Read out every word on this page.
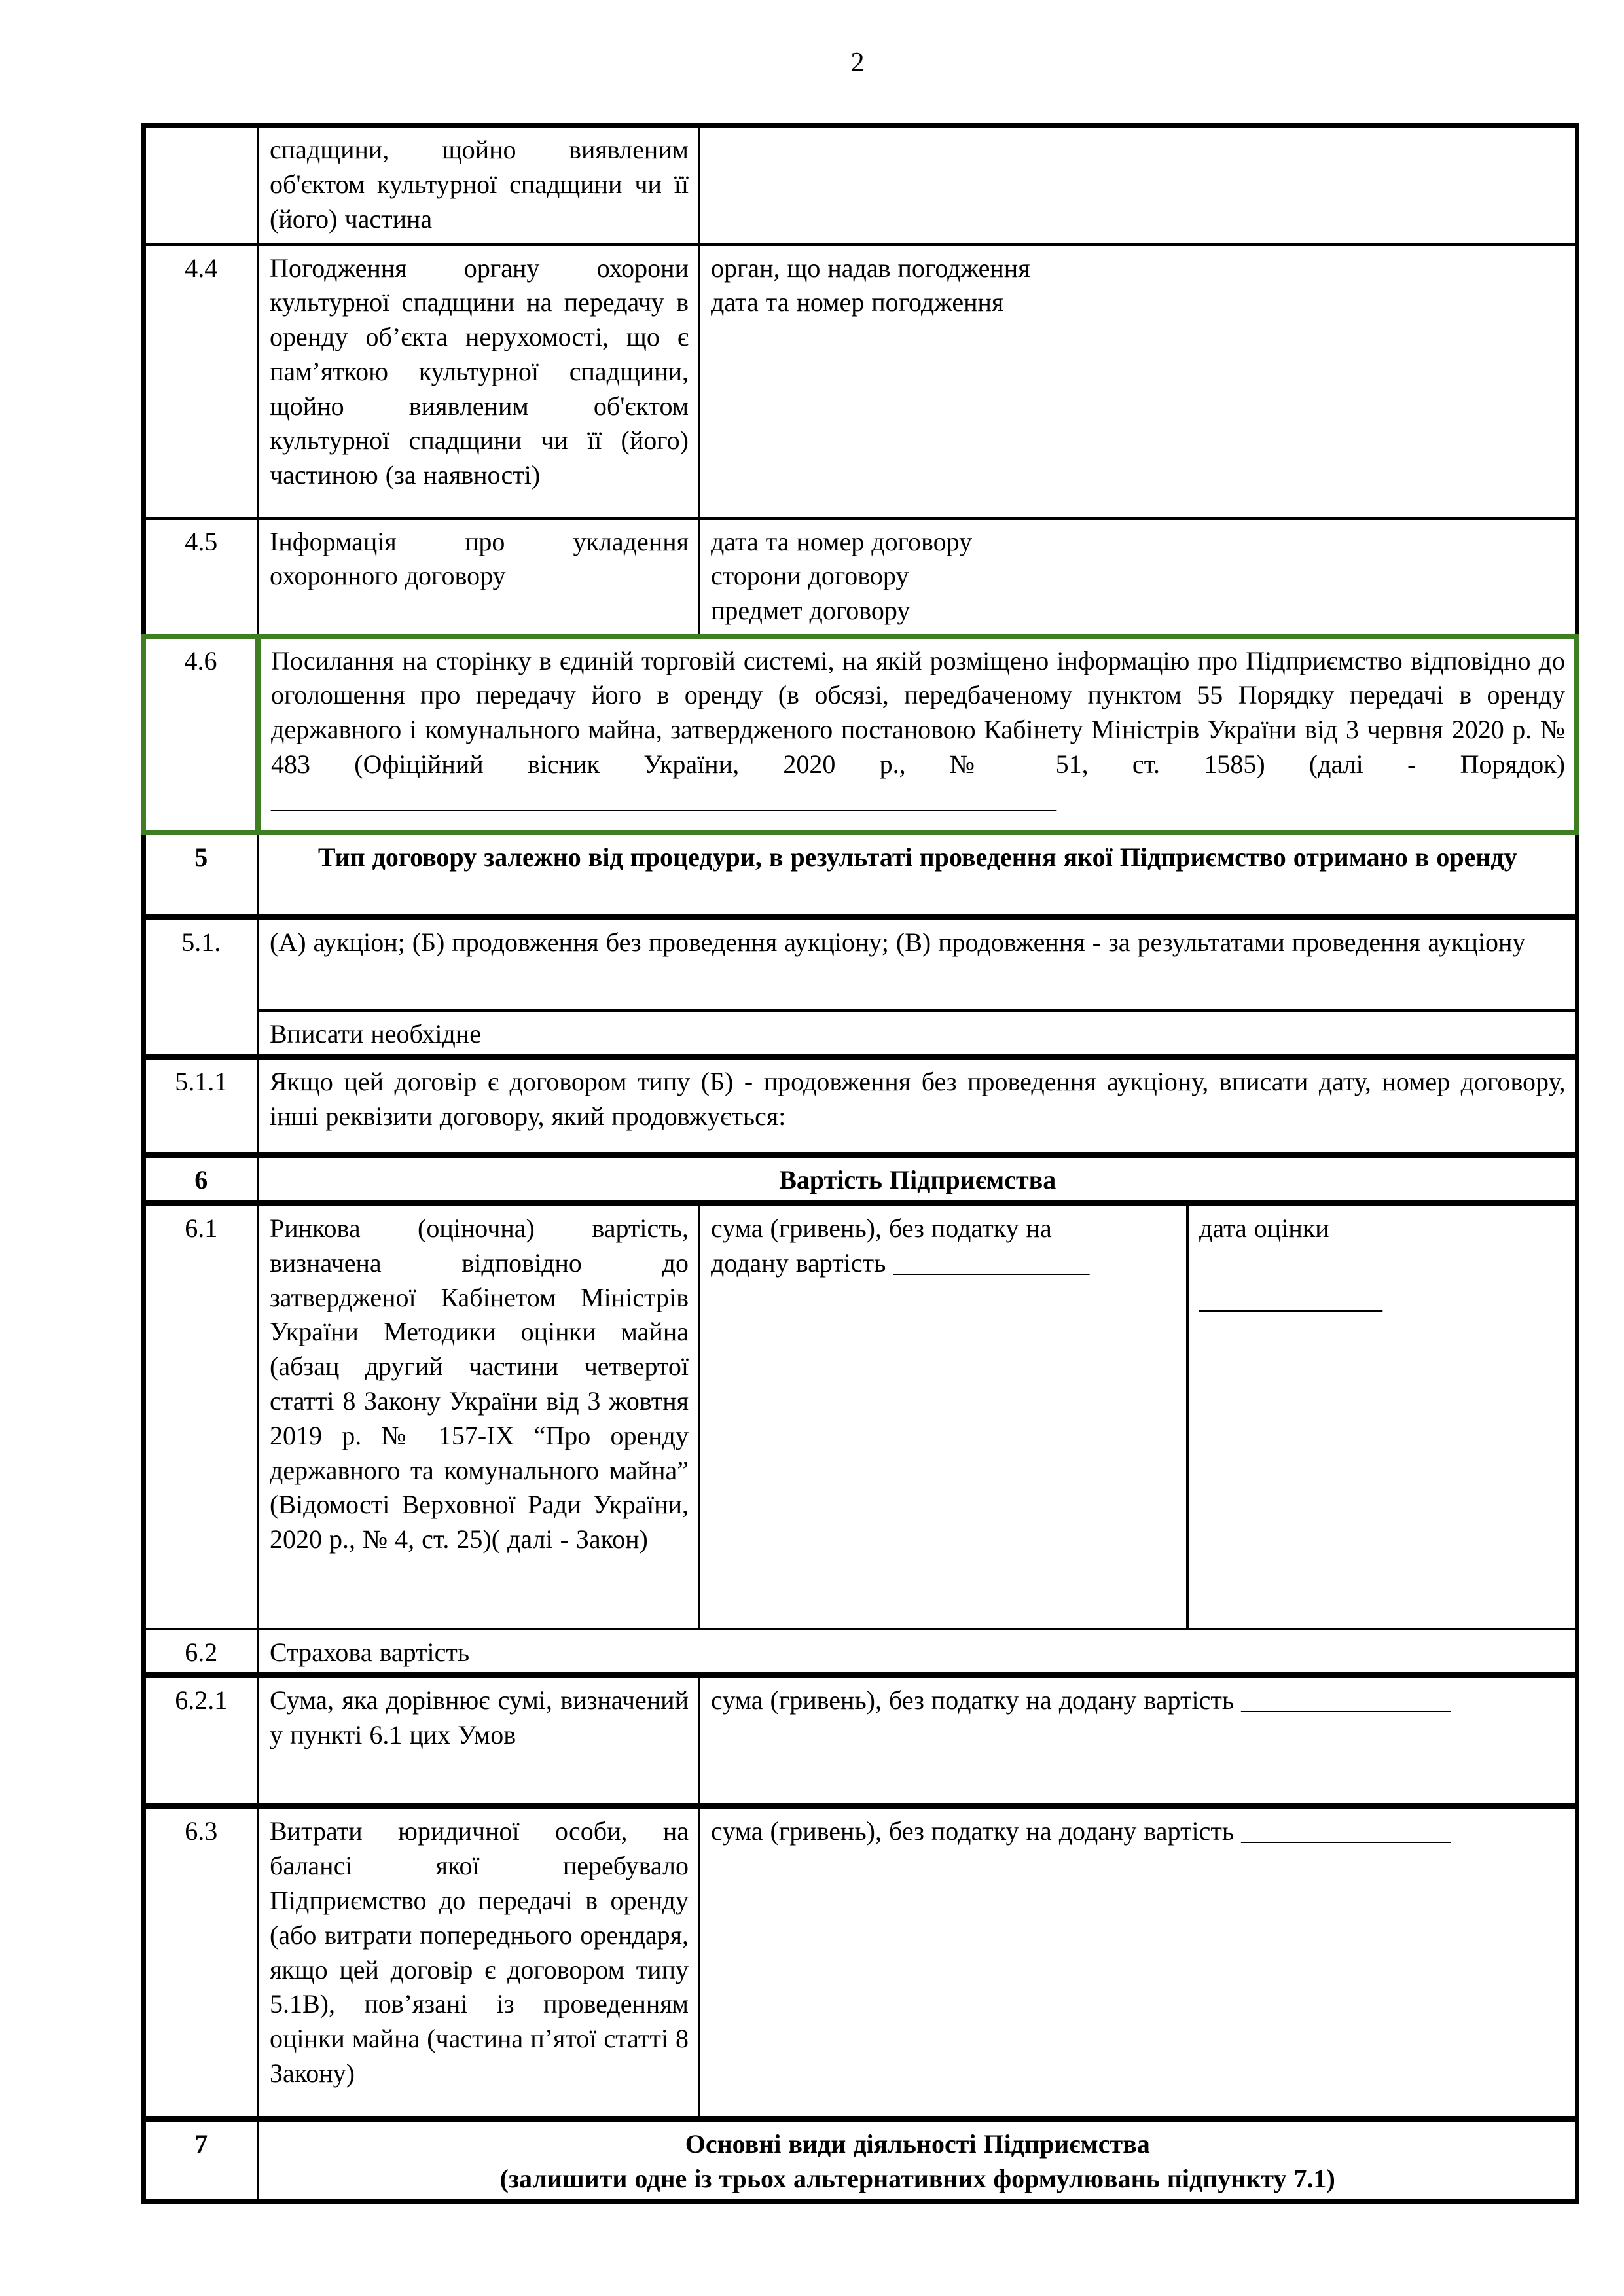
2
	спадщини, щойно виявленим об'єктом культурної спадщини чи її (його) частина		
4.4	Погодження органу охорони культурної спадщини на передачу в оренду об’єкта нерухомості, що є пам’яткою культурної спадщини, щойно виявленим об'єктом культурної спадщини чи її (його) частиною (за наявності)	орган, що надав погодження
дата та номер погодження	

4.5	Інформація про укладення охоронного договору	дата та номер договору
сторони договору
предмет договору	

4.6	Посилання на сторінку в єдиній торговій системі, на якій розміщено інформацію про Підприємство відповідно до оголошення про передачу його в оренду (в обсязі, передбаченому пунктом 55 Порядку передачі в оренду державного і комунального майна, затвердженого постановою Кабінету Міністрів України від 3 червня 2020 р. № 483 (Офіційний вісник України, 2020 р., № 51, ст. 1585) (далі - Порядок) ____________________________________________________________		
5	Тип договору залежно від процедури, в результаті проведення якої Підприємство отримано в оренду		
5.1.	(А) аукціон; (Б) продовження без проведення аукціону; (В) продовження - за результатами проведення аукціону		
	Вписати необхідне		
5.1.1	Якщо цей договір є договором типу (Б) - продовження без проведення аукціону, вписати дату, номер договору, інші реквізити договору, який продовжується:		
6	Вартість Підприємства		
6.1	Ринкова (оціночна) вартість, визначена відповідно до затвердженої Кабінетом Міністрів України Методики оцінки майна (абзац другий частини четвертої статті 8 Закону України від 3 жовтня 2019 р. № 157-ІХ “Про оренду державного та комунального майна” (Відомості Верховної Ради України, 2020 р., № 4, ст. 25)( далі - Закон)	сума (гривень), без податку на додану вартість _______________	дата оцінки
______________

6.2	Страхова вартість		
6.2.1	Сума, яка дорівнює сумі, визначений у пункті 6.1 цих Умов	сума (гривень), без податку на додану вартість ________________	
6.3	Витрати юридичної особи, на балансі якої перебувало Підприємство до передачі в оренду (або витрати попереднього орендаря, якщо цей договір є договором типу 5.1В), пов’язані із проведенням оцінки майна (частина п’ятої статті 8 Закону)	сума (гривень), без податку на додану вартість ________________	
7	Основні види діяльності Підприємства
(залишити одне із трьох альтернативних формулювань підпункту 7.1)		
